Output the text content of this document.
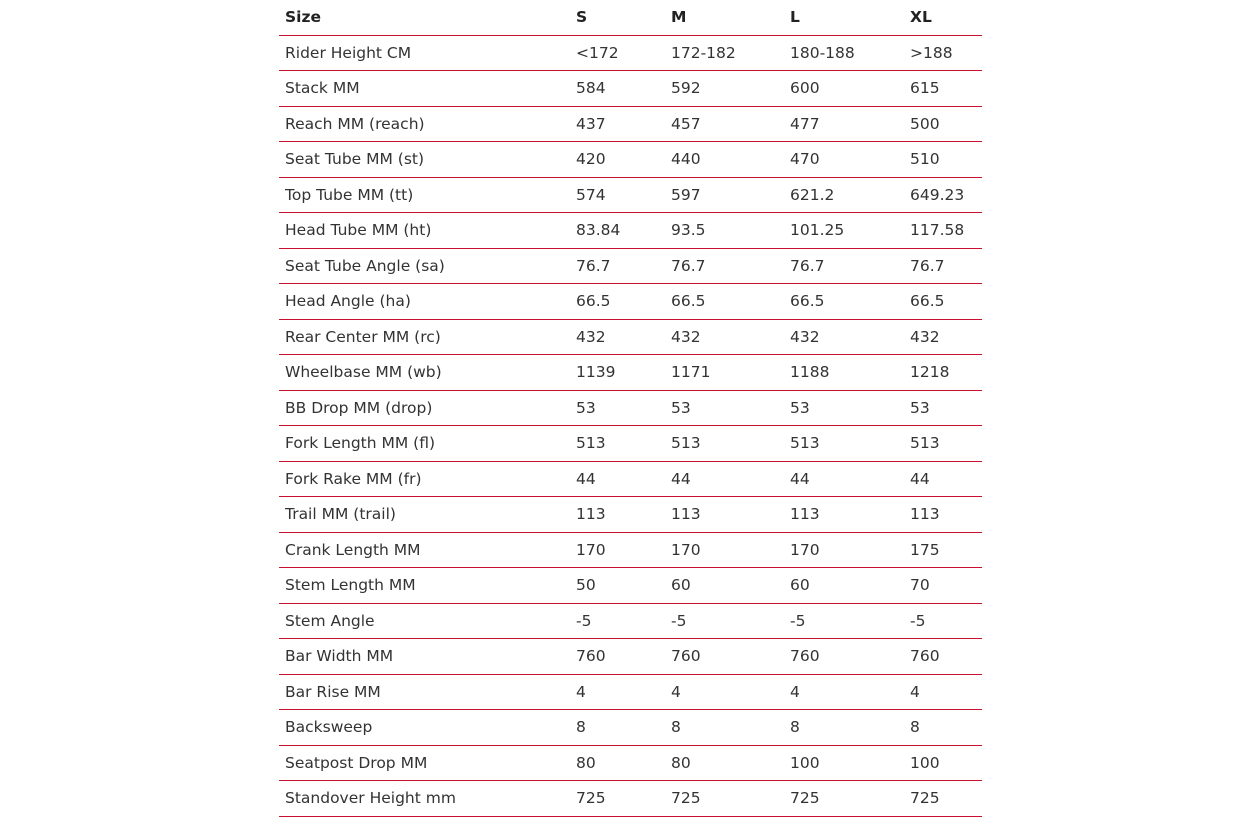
Size	S	M	L	XL
Rider Height CM	<172	172-182	180-188	>188
Stack MM	584	592	600	615
Reach MM (reach)	437	457	477	500
Seat Tube MM (st)	420	440	470	510
Top Tube MM (tt)	574	597	621.2	649.23
Head Tube MM (ht)	83.84	93.5	101.25	117.58
Seat Tube Angle (sa)	76.7	76.7	76.7	76.7
Head Angle (ha)	66.5	66.5	66.5	66.5
Rear Center MM (rc)	432	432	432	432
Wheelbase MM (wb)	1139	1171	1188	1218
BB Drop MM (drop)	53	53	53	53
Fork Length MM (fl)	513	513	513	513
Fork Rake MM (fr)	44	44	44	44
Trail MM (trail)	113	113	113	113
Crank Length MM	170	170	170	175
Stem Length MM	50	60	60	70
Stem Angle	-5	-5	-5	-5
Bar Width MM	760	760	760	760
Bar Rise MM	4	4	4	4
Backsweep	8	8	8	8
Seatpost Drop MM	80	80	100	100
Standover Height mm	725	725	725	725
